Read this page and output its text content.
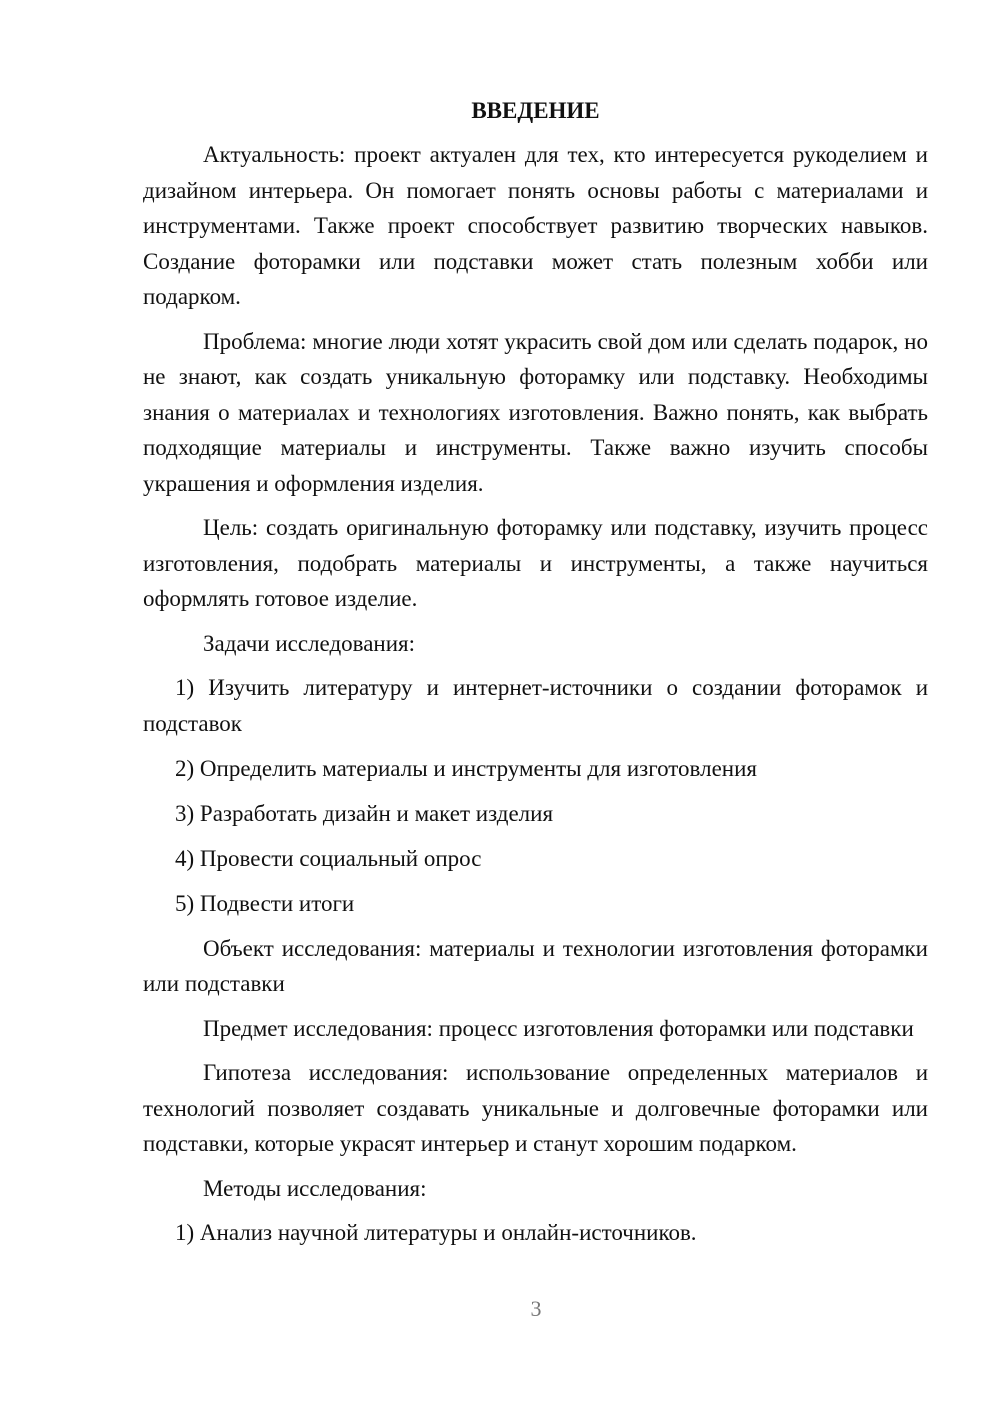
ВВЕДЕНИЕ

Актуальность: проект актуален для тех, кто интересуется рукоделием и дизайном интерьера. Он помогает понять основы работы с материалами и инструментами. Также проект способствует развитию творческих навыков. Создание фоторамки или подставки может стать полезным хобби или подарком.

Проблема: многие люди хотят украсить свой дом или сделать подарок, но не знают, как создать уникальную фоторамку или подставку. Необходимы знания о материалах и технологиях изготовления. Важно понять, как выбрать подходящие материалы и инструменты. Также важно изучить способы украшения и оформления изделия.

Цель: создать оригинальную фоторамку или подставку, изучить процесс изготовления, подобрать материалы и инструменты, а также научиться оформлять готовое изделие.

Задачи исследования:

1) Изучить литературу и интернет-источники о создании фоторамок и подставок

2) Определить материалы и инструменты для изготовления

3) Разработать дизайн и макет изделия

4) Провести социальный опрос

5) Подвести итоги

Объект исследования: материалы и технологии изготовления фоторамки или подставки

Предмет исследования: процесс изготовления фоторамки или подставки

Гипотеза исследования: использование определенных материалов и технологий позволяет создавать уникальные и долговечные фоторамки или подставки, которые украсят интерьер и станут хорошим подарком.

Методы исследования:

1) Анализ научной литературы и онлайн-источников.

3
